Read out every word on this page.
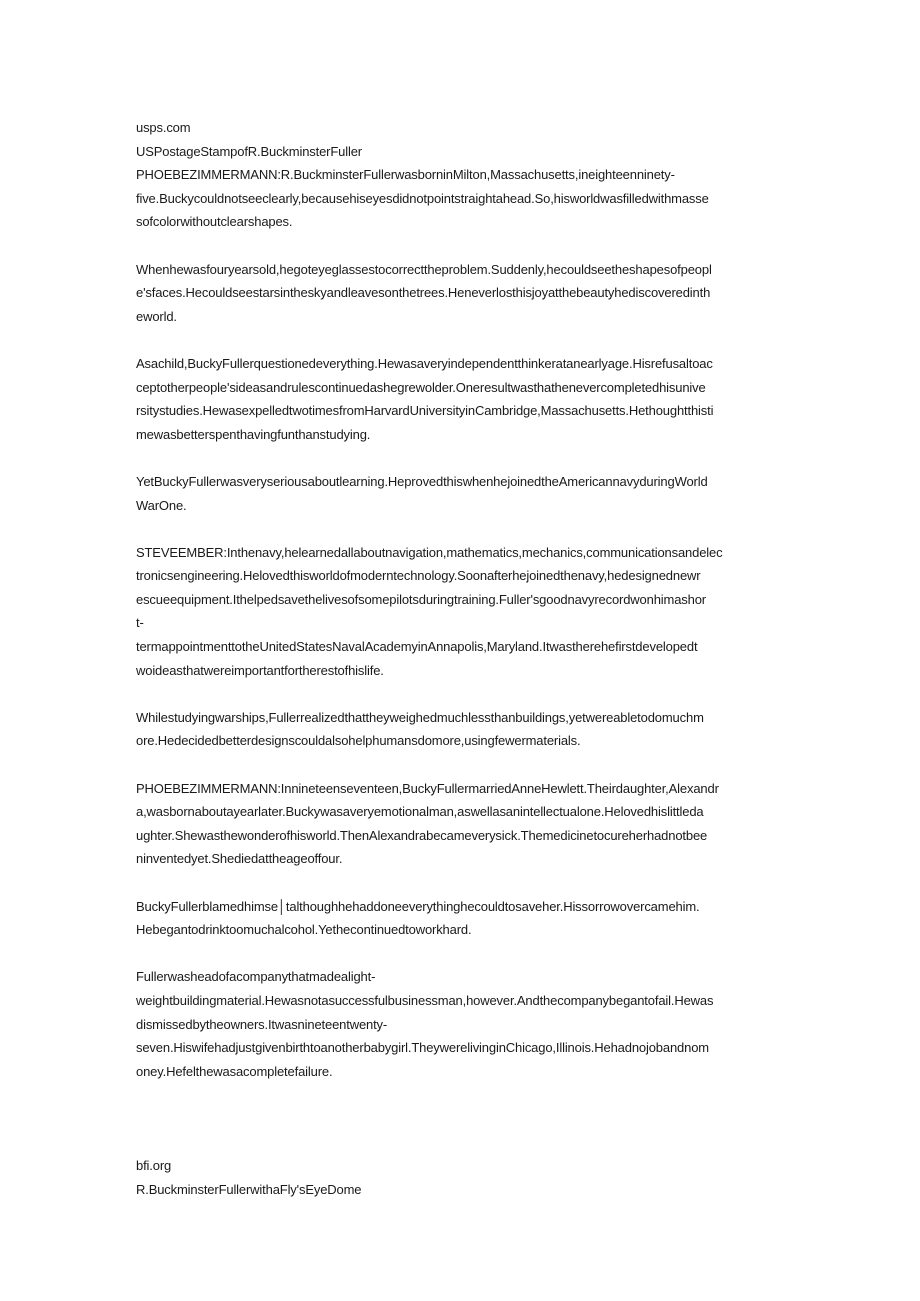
usps.com
USPostageStampofR.BuckminsterFuller
PHOEBEZIMMERMANN:R.BuckminsterFullerwasborninMilton,Massachusetts,ineighteenninety-
five.Buckycouldnotseeclearly,becausehiseyesdidnotpointstraightahead.So,hisworldwasfilledwithmasse
sofcolorwithoutclearshapes.
Whenhewasfouryearsold,hegoteyeglassestocorrecttheproblem.Suddenly,hecouldseetheshapesofpeopl
e'sfaces.Hecouldseestarsintheskyandleavesonthetrees.Heneverlosthisjoyatthebeautyhediscoveredinth
eworld.
Asachild,BuckyFullerquestionedeverything.Hewasaveryindependentthinkeratanearlyage.Hisrefusaltoac
ceptotherpeople'sideasandrulescontinuedashegrewolder.Oneresultwasthathenevercompletedhisunive
rsitystudies.HewasexpelledtwotimesfromHarvardUniversityinCambridge,Massachusetts.Hethoughtthisti
mewasbetterspenthavingfunthanstudying.
YetBuckyFullerwasveryseriousaboutlearning.HeprovedthiswhenhejoinedtheAmericannavyduringWorld
WarOne.
STEVEEMBER:Inthenavy,helearnedallaboutnavigation,mathematics,mechanics,communicationsandelec
tronicsengineering.Helovedthisworldofmoderntechnology.Soonafterhejoinedthenavy,hedesignednewr
escueequipment.Ithelpedsavethelivesofsomepilotsduringtraining.Fuller'sgoodnavyrecordwonhimashor
t-
termappointmenttotheUnitedStatesNavalAcademyinAnnapolis,Maryland.Itwastherehefirstdevelopedt
woideasthatwereimportantfortherestofhislife.
Whilestudyingwarships,Fullerrealizedthattheyweighedmuchlessthanbuildings,yetwereabletodomuchm
ore.Hedecidedbetterdesignscouldalsohelphumansdomore,usingfewermaterials.
PHOEBEZIMMERMANN:Innineteenseventeen,BuckyFullermarriedAnneHewlett.Theirdaughter,Alexandr
a,wasbornaboutayearlater.Buckywasaveryemotionalman,aswellasanintellectualone.Helovedhislittleda
ughter.Shewasthewonderofhisworld.ThenAlexandrabecameverysick.Themedicinetocureherhadnotbee
ninventedyet.Shediedattheageoffour.
BuckyFullerblamedhimse│talthoughhehaddoneeverythinghecouldtosaveher.Hissorrowovercamehim.
Hebegantodrinktoomuchalcohol.Yethecontinuedtoworkhard.
Fullerwasheadofacompanythatmadealight-
weightbuildingmaterial.Hewasnotasuccessfulbusinessman,however.Andthecompanybegantofail.Hewas
dismissedbytheowners.Itwasnineteentwenty-
seven.Hiswifehadjustgivenbirthtoanotherbabygirl.TheywerelivinginChicago,Illinois.Hehadnojobandnom
oney.Hefelthewasacompletefailure.
bfi.org
R.BuckminsterFullerwithaFly'sEyeDome
